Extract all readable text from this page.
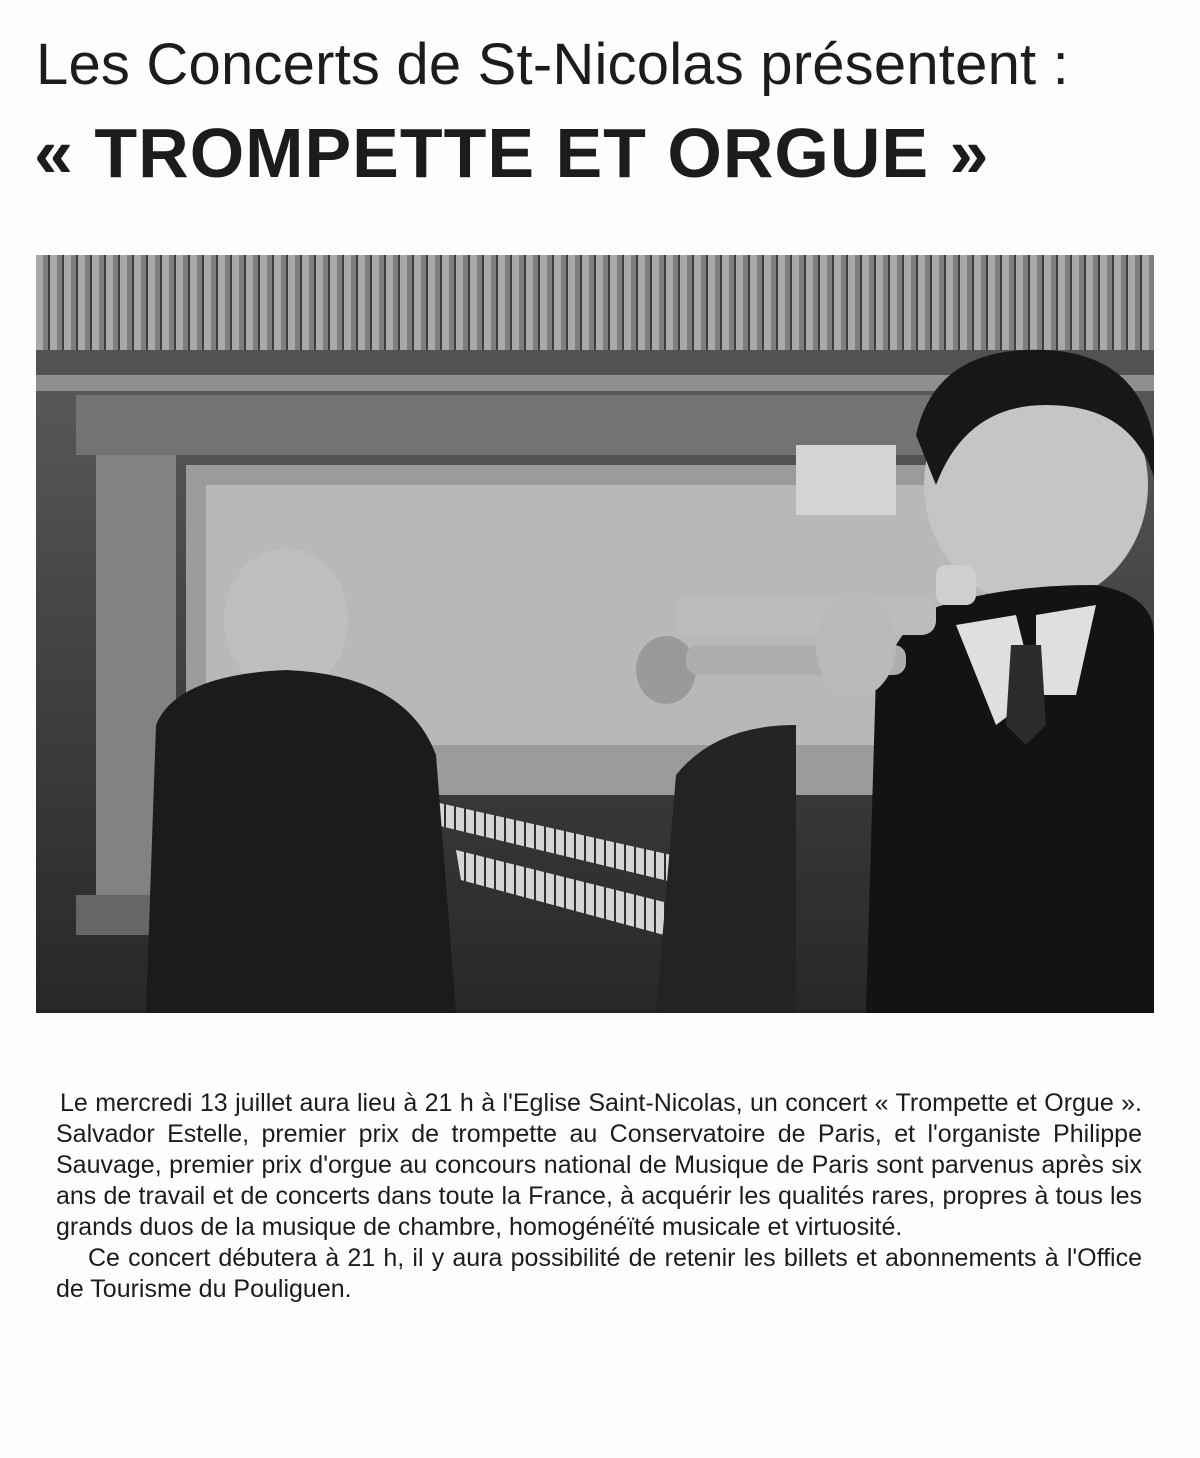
Les Concerts de St-Nicolas présentent :
« TROMPETTE ET ORGUE »

Le mercredi 13 juillet aura lieu à 21 h à l'Eglise Saint-Nicolas, un concert « Trompette et Orgue ». Salvador Estelle, premier prix de trompette au Conservatoire de Paris, et l'organiste Philippe Sauvage, premier prix d'orgue au concours national de Musique de Paris sont parvenus après six ans de travail et de concerts dans toute la France, à acquérir les qualités rares, propres à tous les grands duos de la musique de chambre, homogénéïté musicale et virtuosité.

Ce concert débutera à 21 h, il y aura possibilité de retenir les billets et abonnements à l'Office de Tourisme du Pouliguen.
